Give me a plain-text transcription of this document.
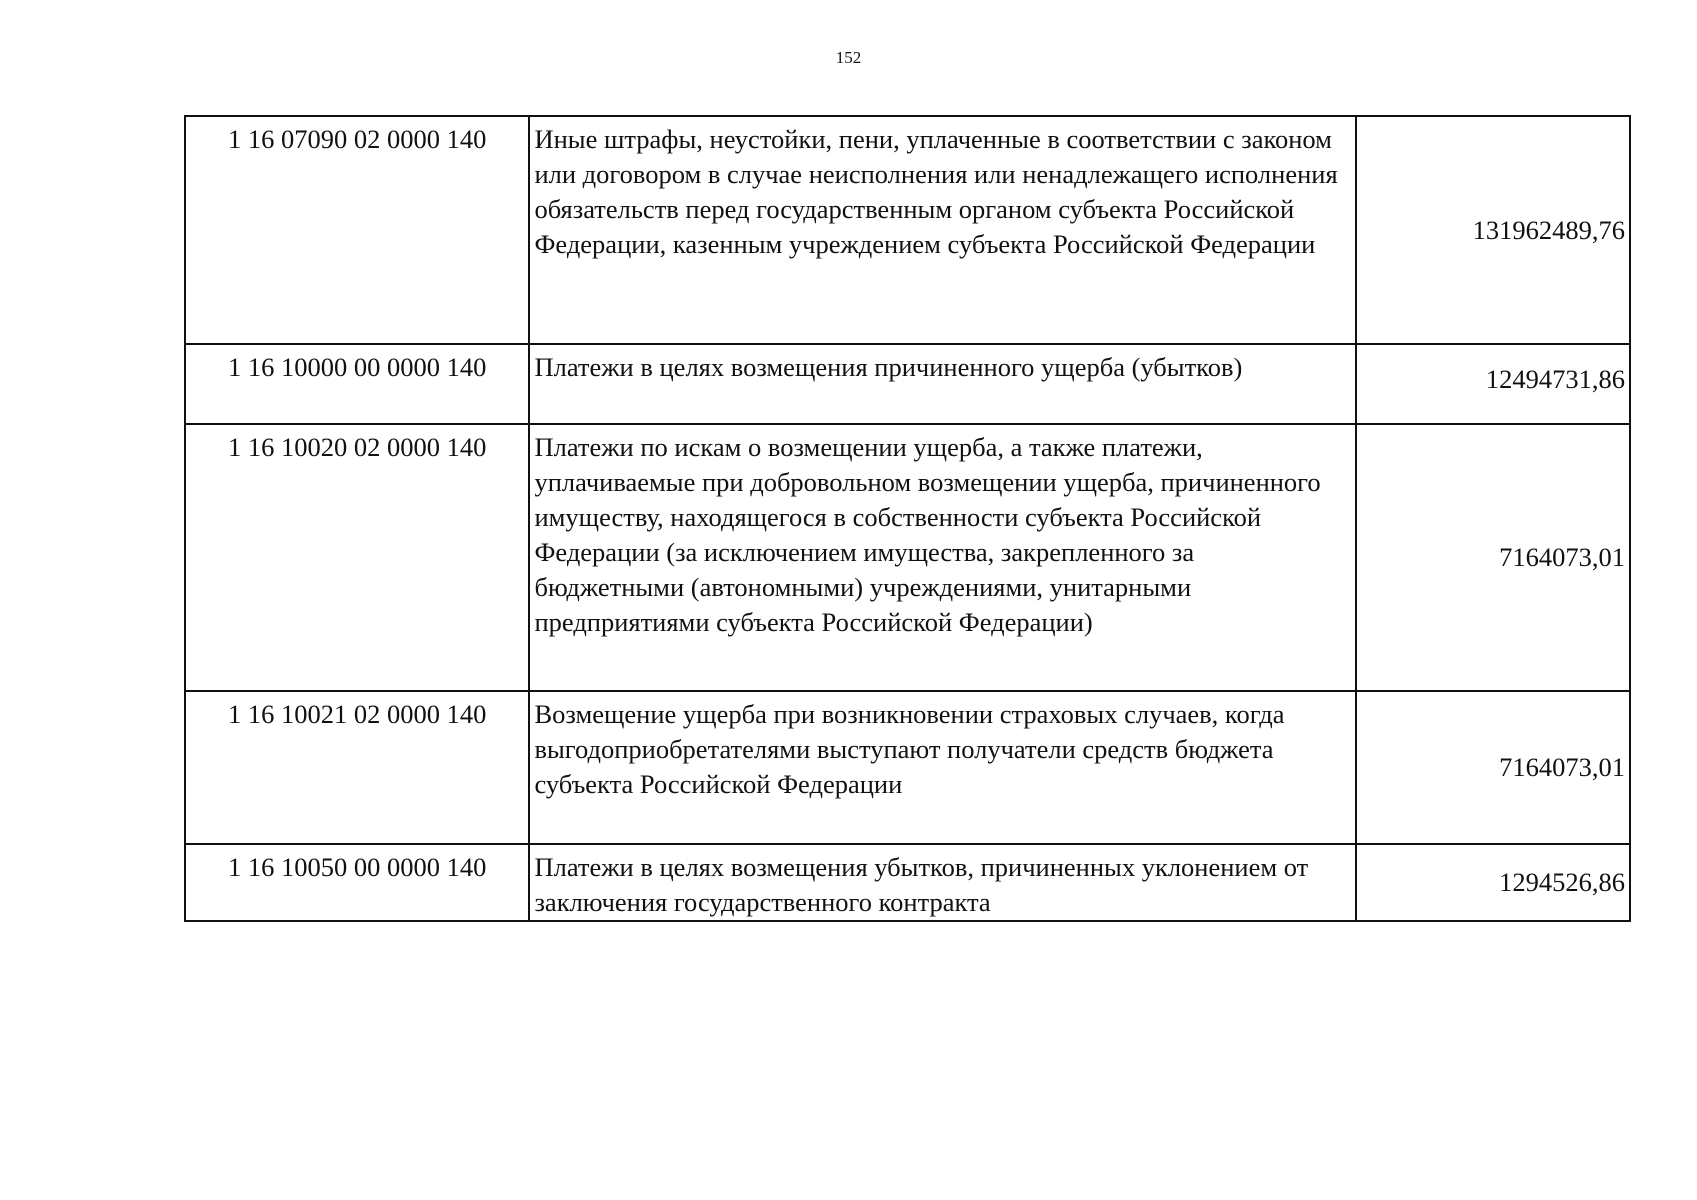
152
1 16 07090 02 0000 140	Иные штрафы, неустойки, пени, уплаченные в соответствии с законом или договором в случае неисполнения или ненадлежащего исполнения обязательств перед государственным органом субъекта Российской Федерации, казенным учреждением субъекта Российской Федерации	131962489,76
1 16 10000 00 0000 140	Платежи в целях возмещения причиненного ущерба (убытков)	12494731,86
1 16 10020 02 0000 140	Платежи по искам о возмещении ущерба, а также платежи, уплачиваемые при добровольном возмещении ущерба, причиненного имуществу, находящегося в собственности субъекта Российской Федерации (за исключением имущества, закрепленного за бюджетными (автономными) учреждениями, унитарными предприятиями субъекта Российской Федерации)	7164073,01
1 16 10021 02 0000 140	Возмещение ущерба при возникновении страховых случаев, когда выгодоприобретателями выступают получатели средств бюджета субъекта Российской Федерации	7164073,01
1 16 10050 00 0000 140	Платежи в целях возмещения убытков, причиненных уклонением от заключения государственного контракта	1294526,86
